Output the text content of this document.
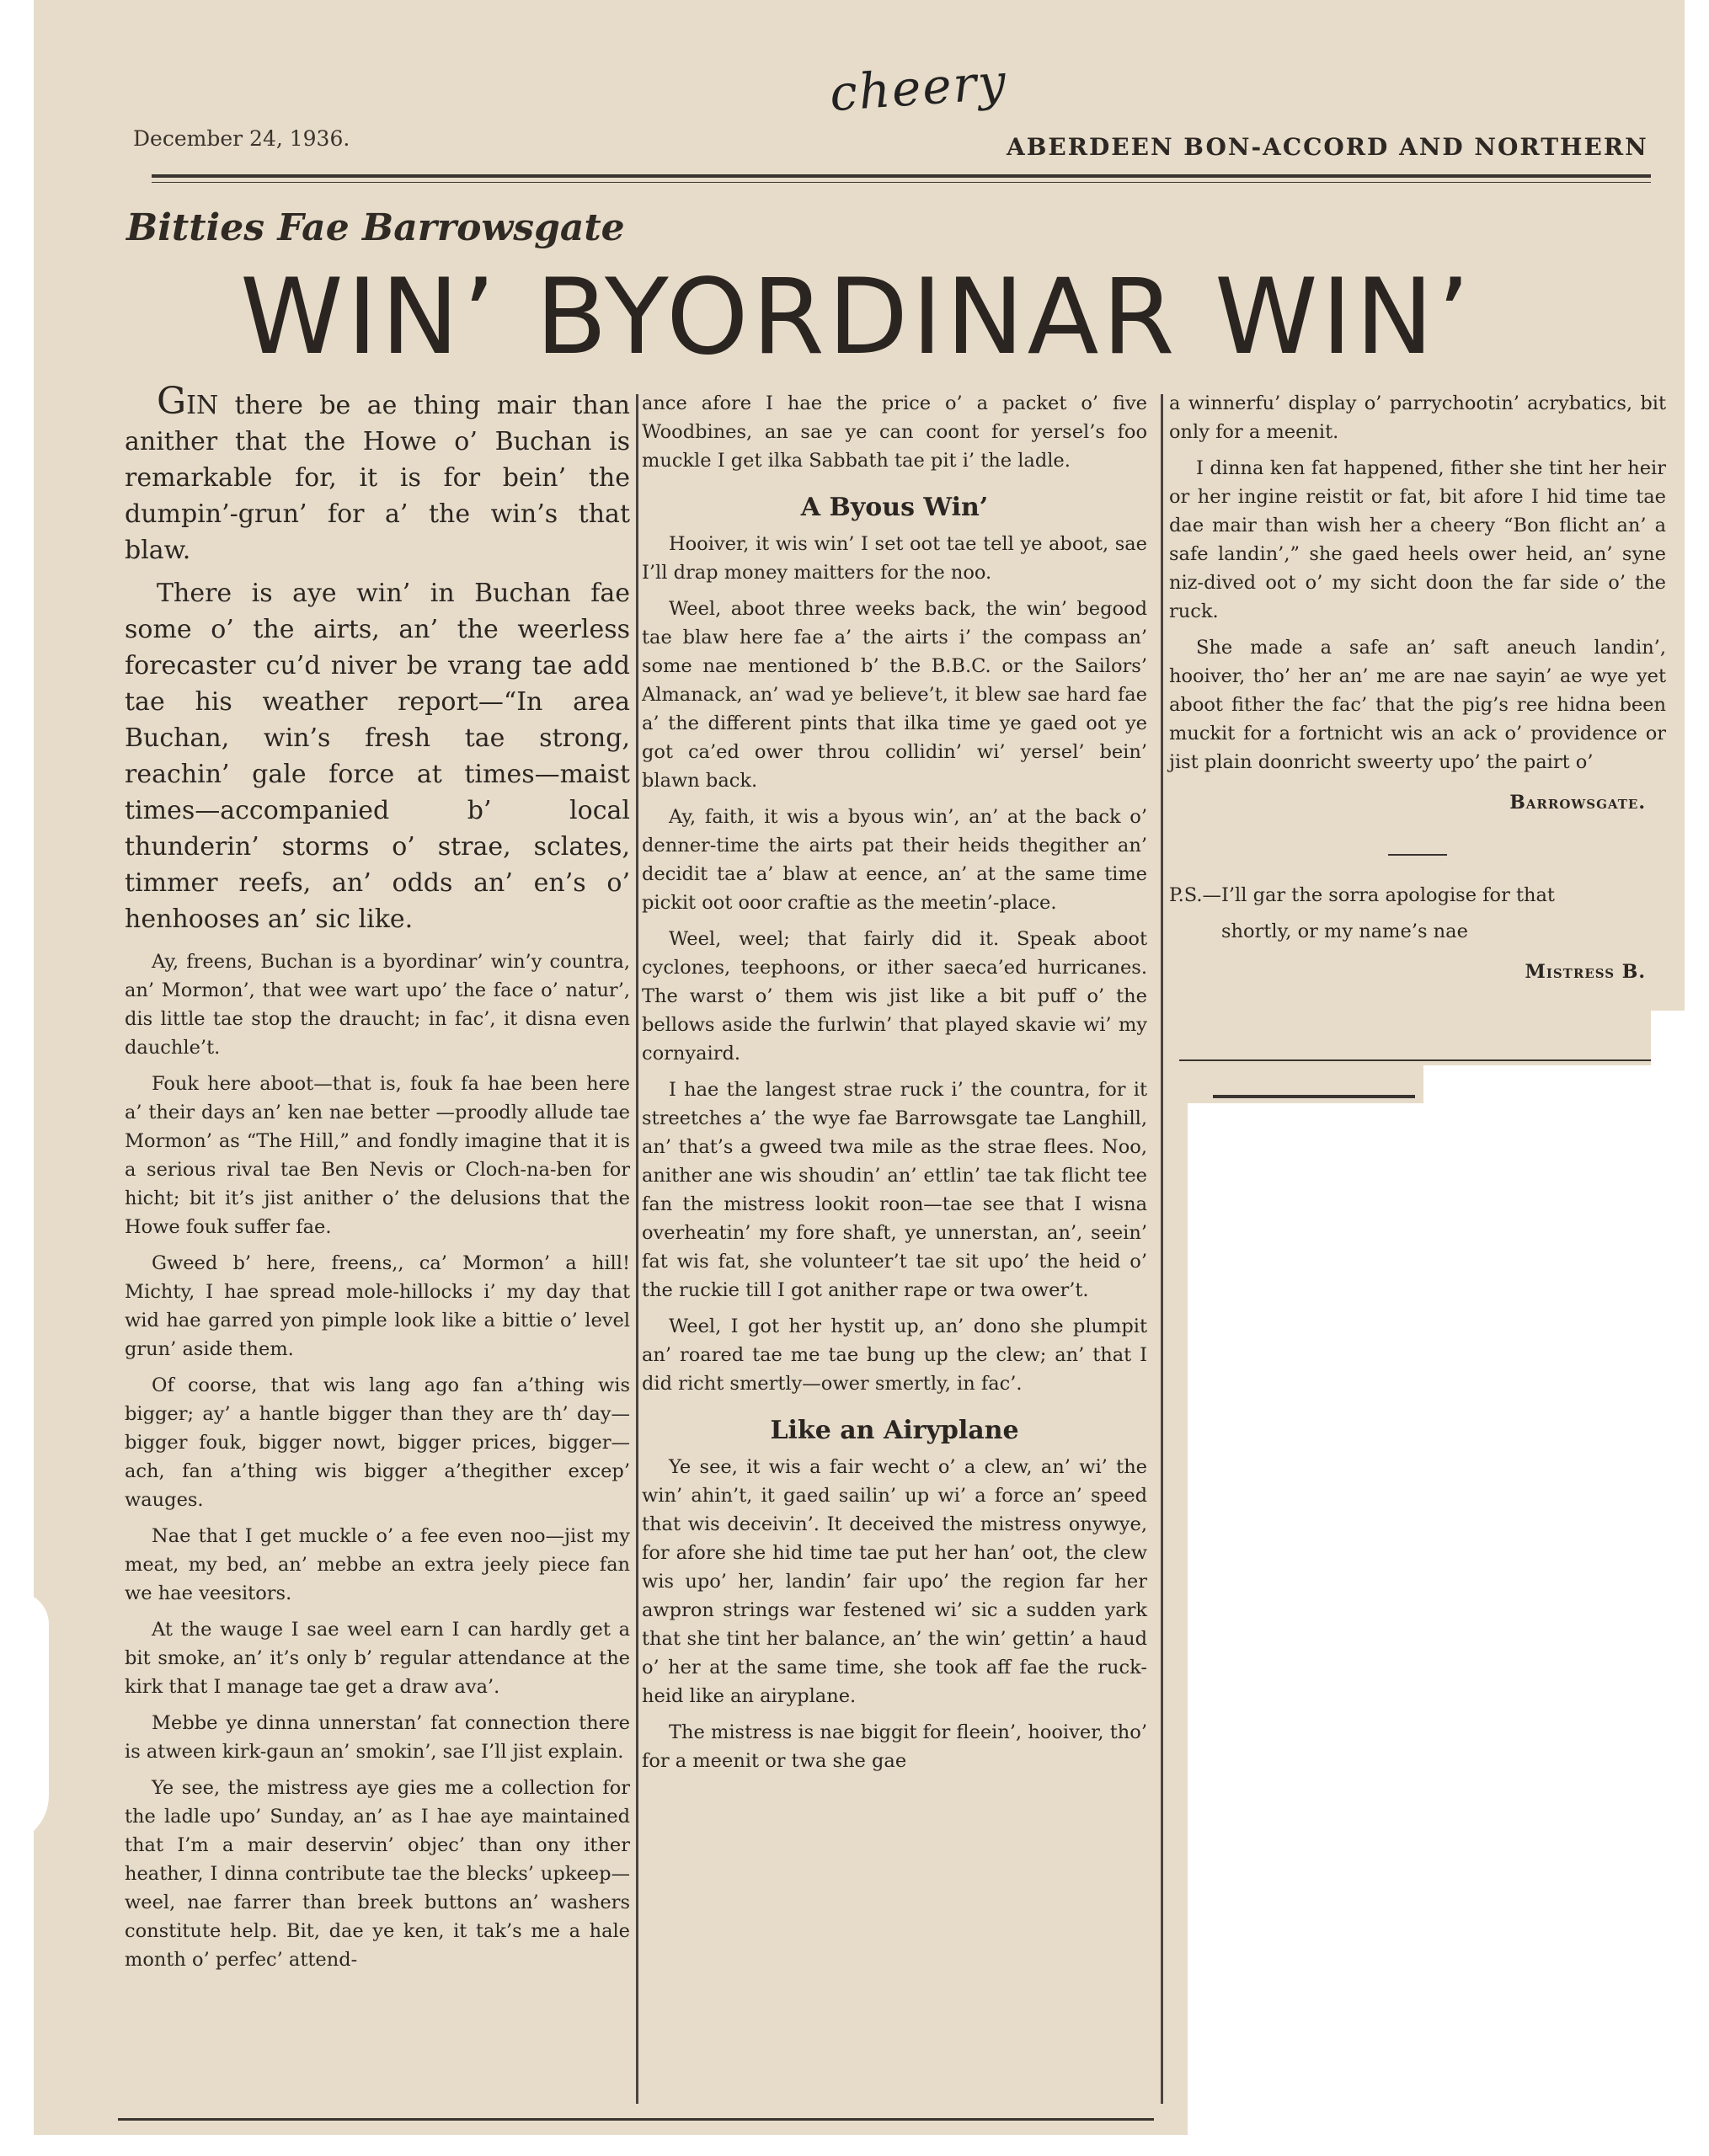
cheery
December 24, 1936.	ABERDEEN BON-ACCORD AND NORTHERN
Bitties Fae Barrowsgate
WIN’ BYORDINAR WIN’

GIN there be ae thing mair than anither that the Howe o’ Buchan is remarkable for, it is for bein’ the dumpin’-grun’ for a’ the win’s that blaw.

There is aye win’ in Buchan fae some o’ the airts, an’ the weerless forecaster cu’d niver be vrang tae add tae his weather report—“In area Buchan, win’s fresh tae strong, reachin’ gale force at times—maist times—accompanied b’ local thunderin’ storms o’ strae, sclates, timmer reefs, an’ odds an’ en’s o’ henhooses an’ sic like.

Ay, freens, Buchan is a byordinar’ win’y countra, an’ Mormon’, that wee wart upo’ the face o’ natur’, dis little tae stop the draucht; in fac’, it disna even dauchle’t.

Fouk here aboot—that is, fouk fa hae been here a’ their days an’ ken nae better —proodly allude tae Mormon’ as “The Hill,” and fondly imagine that it is a serious rival tae Ben Nevis or Cloch-na-ben for hicht; bit it’s jist anither o’ the delusions that the Howe fouk suffer fae.

Gweed b’ here, freens,, ca’ Mormon’ a hill! Michty, I hae spread mole-hillocks i’ my day that wid hae garred yon pimple look like a bittie o’ level grun’ aside them.

Of coorse, that wis lang ago fan a’thing wis bigger; ay’ a hantle bigger than they are th’ day—bigger fouk, bigger nowt, bigger prices, bigger—ach, fan a’thing wis bigger a’thegither excep’ wauges.

Nae that I get muckle o’ a fee even noo—jist my meat, my bed, an’ mebbe an extra jeely piece fan we hae veesitors.

At the wauge I sae weel earn I can hardly get a bit smoke, an’ it’s only b’ regular attendance at the kirk that I manage tae get a draw ava’.

Mebbe ye dinna unnerstan’ fat connection there is atween kirk-gaun an’ smokin’, sae I’ll jist explain.

Ye see, the mistress aye gies me a collection for the ladle upo’ Sunday, an’ as I hae aye maintained that I’m a mair deservin’ objec’ than ony ither heather, I dinna contribute tae the blecks’ upkeep—weel, nae farrer than breek buttons an’ washers constitute help. Bit, dae ye ken, it tak’s me a hale month o’ perfec’ attend-

ance afore I hae the price o’ a packet o’ five Woodbines, an sae ye can coont for yersel’s foo muckle I get ilka Sabbath tae pit i’ the ladle.

A Byous Win’

Hooiver, it wis win’ I set oot tae tell ye aboot, sae I’ll drap money maitters for the noo.

Weel, aboot three weeks back, the win’ begood tae blaw here fae a’ the airts i’ the compass an’ some nae mentioned b’ the B.B.C. or the Sailors’ Almanack, an’ wad ye believe’t, it blew sae hard fae a’ the different pints that ilka time ye gaed oot ye got ca’ed ower throu collidin’ wi’ yersel’ bein’ blawn back.

Ay, faith, it wis a byous win’, an’ at the back o’ denner-time the airts pat their heids thegither an’ decidit tae a’ blaw at eence, an’ at the same time pickit oot ooor craftie as the meetin’-place.

Weel, weel; that fairly did it. Speak aboot cyclones, teephoons, or ither saeca’ed hurricanes. The warst o’ them wis jist like a bit puff o’ the bellows aside the furlwin’ that played skavie wi’ my cornyaird.

I hae the langest strae ruck i’ the countra, for it streetches a’ the wye fae Barrowsgate tae Langhill, an’ that’s a gweed twa mile as the strae flees. Noo, anither ane wis shoudin’ an’ ettlin’ tae tak flicht tee fan the mistress lookit roon—tae see that I wisna overheatin’ my fore shaft, ye unnerstan, an’, seein’ fat wis fat, she volunteer’t tae sit upo’ the heid o’ the ruckie till I got anither rape or twa ower’t.

Weel, I got her hystit up, an’ dono she plumpit an’ roared tae me tae bung up the clew; an’ that I did richt smertly—ower smertly, in fac’.

Like an Airyplane

Ye see, it wis a fair wecht o’ a clew, an’ wi’ the win’ ahin’t, it gaed sailin’ up wi’ a force an’ speed that wis deceivin’. It deceived the mistress onywye, for afore she hid time tae put her han’ oot, the clew wis upo’ her, landin’ fair upo’ the region far her awpron strings war festened wi’ sic a sudden yark that she tint her balance, an’ the win’ gettin’ a haud o’ her at the same time, she took aff fae the ruck-heid like an airyplane.

The mistress is nae biggit for fleein’, hooiver, tho’ for a meenit or twa she gae

a winnerfu’ display o’ parrychootin’ acrybatics, bit only for a meenit.

I dinna ken fat happened, fither she tint her heir or her ingine reistit or fat, bit afore I hid time tae dae mair than wish her a cheery “Bon flicht an’ a safe landin’,” she gaed heels ower heid, an’ syne niz-dived oot o’ my sicht doon the far side o’ the ruck.

She made a safe an’ saft aneuch landin’, hooiver, tho’ her an’ me are nae sayin’ ae wye yet aboot fither the fac’ that the pig’s ree hidna been muckit for a fortnicht wis an ack o’ providence or jist plain doonricht sweerty upo’ the pairt o’

Barrowsgate.

P.S.—I’ll gar the sorra apologise for that

shortly, or my name’s nae

Mistress B.
